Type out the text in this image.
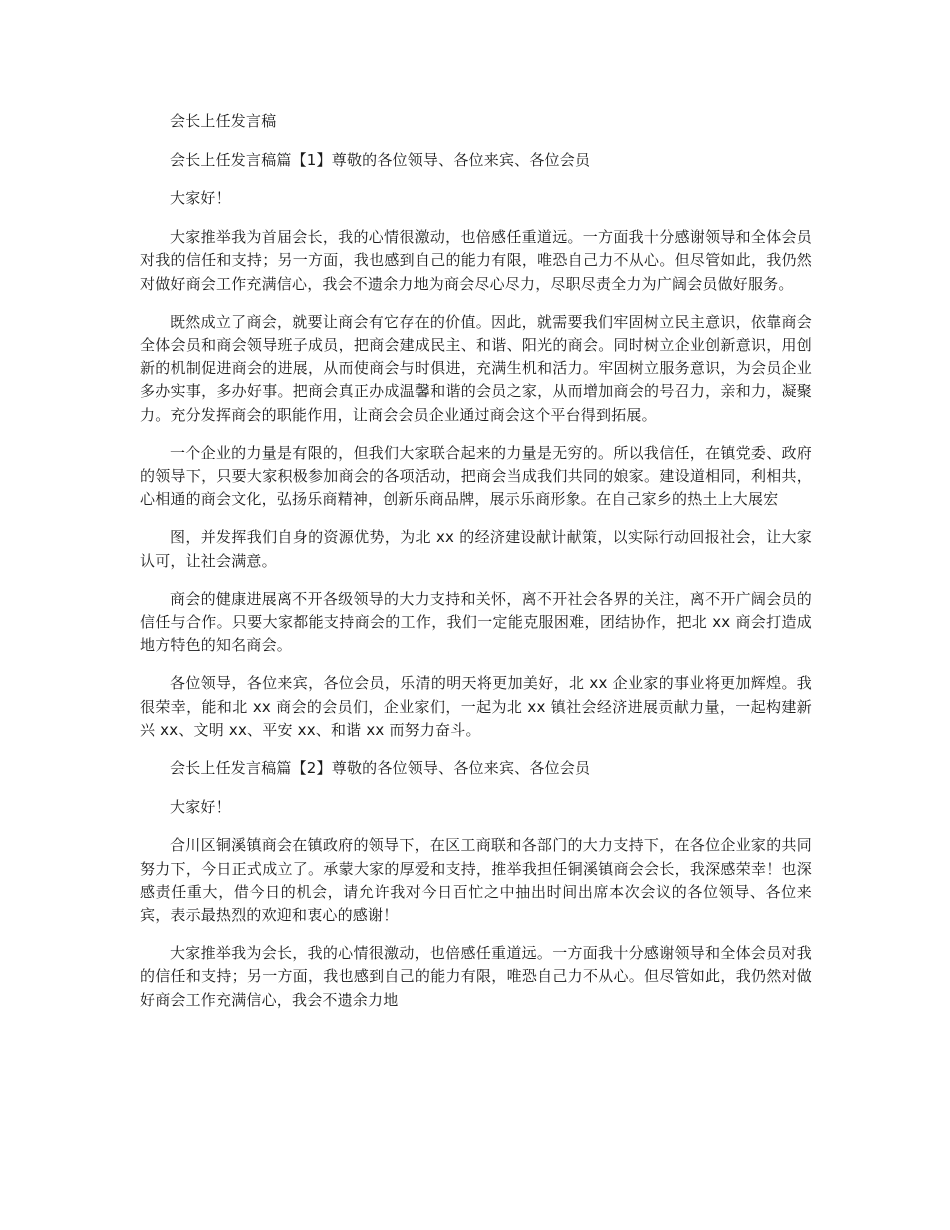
会长上任发言稿

会长上任发言稿篇【1】尊敬的各位领导、各位来宾、各位会员

大家好！

大家推举我为首届会长，我的心情很激动，也倍感任重道远。一方面我十分感谢领导和全体会员对我的信任和支持；另一方面，我也感到自己的能力有限，唯恐自己力不从心。但尽管如此，我仍然对做好商会工作充满信心，我会不遗余力地为商会尽心尽力，尽职尽责全力为广阔会员做好服务。

既然成立了商会，就要让商会有它存在的价值。因此，就需要我们牢固树立民主意识，依靠商会全体会员和商会领导班子成员，把商会建成民主、和谐、阳光的商会。同时树立企业创新意识，用创新的机制促进商会的进展，从而使商会与时俱进，充满生机和活力。牢固树立服务意识，为会员企业多办实事，多办好事。把商会真正办成温馨和谐的会员之家，从而增加商会的号召力，亲和力，凝聚力。充分发挥商会的职能作用，让商会会员企业通过商会这个平台得到拓展。

一个企业的力量是有限的，但我们大家联合起来的力量是无穷的。所以我信任，在镇党委、政府的领导下，只要大家积极参加商会的各项活动，把商会当成我们共同的娘家。建设道相同，利相共，心相通的商会文化，弘扬乐商精神，创新乐商品牌，展示乐商形象。在自己家乡的热土上大展宏

图，并发挥我们自身的资源优势，为北 xx 的经济建设献计献策，以实际行动回报社会，让大家认可，让社会满意。

商会的健康进展离不开各级领导的大力支持和关怀，离不开社会各界的关注，离不开广阔会员的信任与合作。只要大家都能支持商会的工作，我们一定能克服困难，团结协作，把北 xx 商会打造成地方特色的知名商会。

各位领导，各位来宾，各位会员，乐清的明天将更加美好，北 xx 企业家的事业将更加辉煌。我很荣幸，能和北 xx 商会的会员们，企业家们，一起为北 xx 镇社会经济进展贡献力量，一起构建新兴 xx、文明 xx、平安 xx、和谐 xx 而努力奋斗。

会长上任发言稿篇【2】尊敬的各位领导、各位来宾、各位会员

大家好！

合川区铜溪镇商会在镇政府的领导下，在区工商联和各部门的大力支持下，在各位企业家的共同努力下，今日正式成立了。承蒙大家的厚爱和支持，推举我担任铜溪镇商会会长，我深感荣幸！也深感责任重大，借今日的机会，请允许我对今日百忙之中抽出时间出席本次会议的各位领导、各位来宾，表示最热烈的欢迎和衷心的感谢！

大家推举我为会长，我的心情很激动，也倍感任重道远。一方面我十分感谢领导和全体会员对我的信任和支持；另一方面，我也感到自己的能力有限，唯恐自己力不从心。但尽管如此，我仍然对做好商会工作充满信心，我会不遗余力地
